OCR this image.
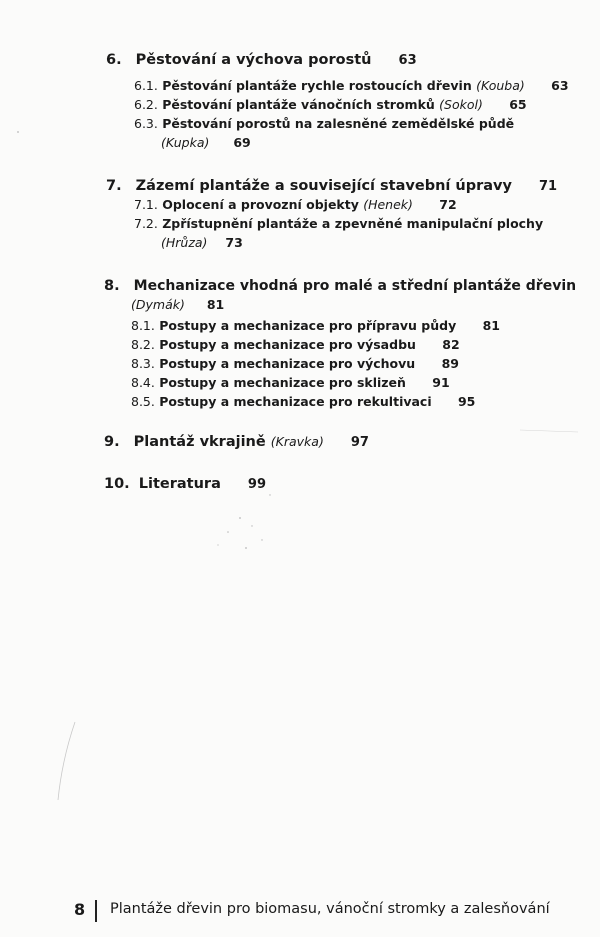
6. Pěstování a výchova porostů 63
6.1. Pěstování plantáže rychle rostoucích dřevin (Kouba) 63
6.2. Pěstování plantáže vánočních stromků (Sokol) 65
6.3. Pěstování porostů na zalesněné zemědělské půdě
(Kupka) 69
7. Zázemí plantáže a související stavební úpravy 71
7.1. Oplocení a provozní objekty (Henek) 72
7.2. Zpřístupnění plantáže a zpevněné manipulační plochy
(Hrůza) 73
8. Mechanizace vhodná pro malé a střední plantáže dřevin
(Dymák) 81
8.1. Postupy a mechanizace pro přípravu půdy 81
8.2. Postupy a mechanizace pro výsadbu 82
8.3. Postupy a mechanizace pro výchovu 89
8.4. Postupy a mechanizace pro sklizeň 91
8.5. Postupy a mechanizace pro rekultivaci 95
9. Plantáž vkrajině (Kravka) 97
10. Literatura 99
8 Plantáže dřevin pro biomasu, vánoční stromky a zalesňování
